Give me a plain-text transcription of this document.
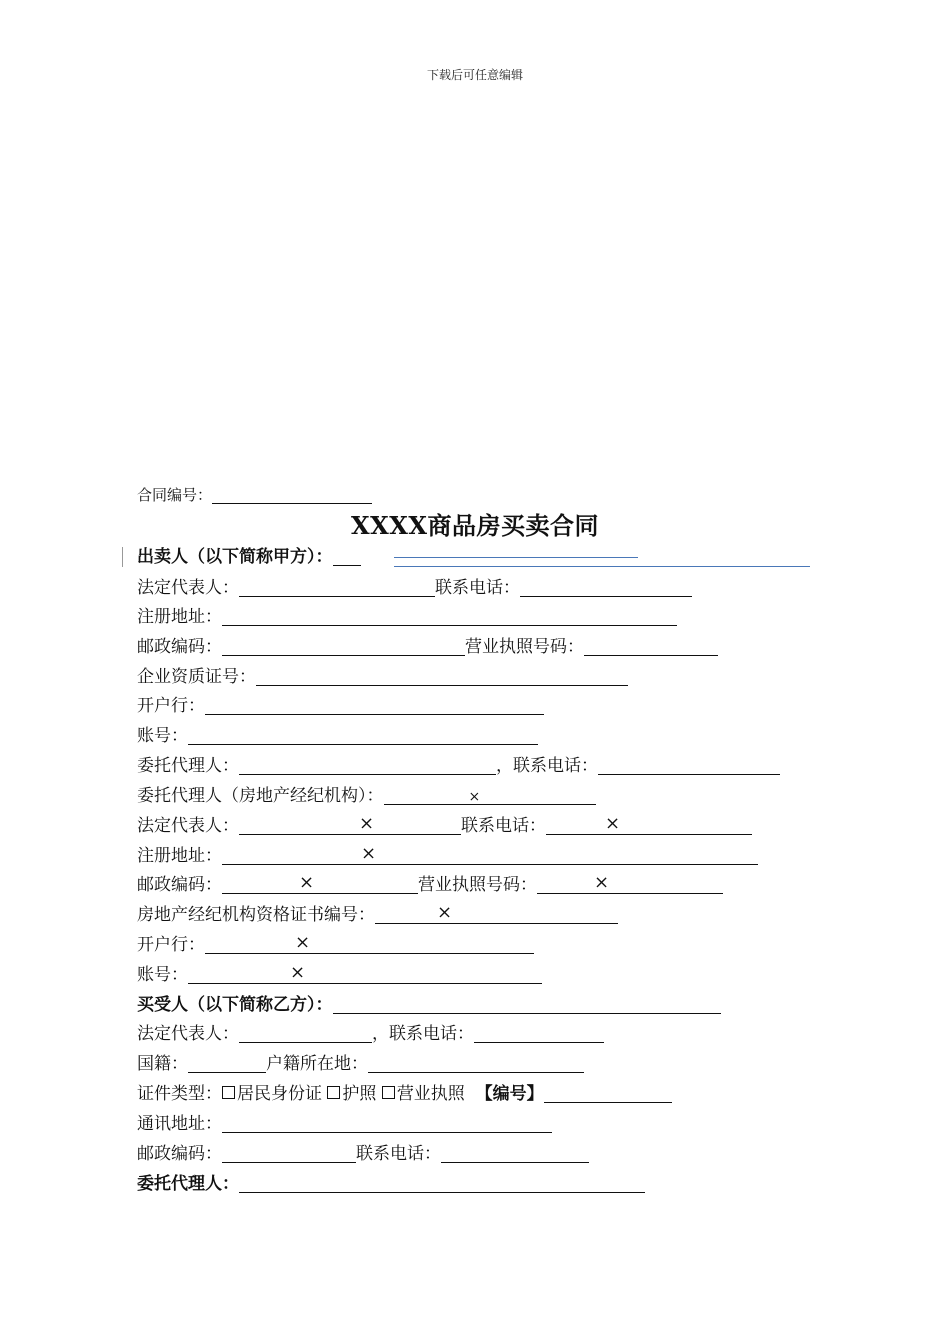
下载后可任意编辑
合同编号：
XXXX商品房买卖合同
出卖人（以下简称甲方）：
法定代表人：	联系电话：
注册地址：
邮政编码：	营业执照号码：
企业资质证号：
开户行：
账号：
委托代理人：	，联系电话：
委托代理人（房地产经纪机构）：	×
法定代表人：	×	联系电话：	×
注册地址：	×
邮政编码：	×	营业执照号码：	×
房地产经纪机构资格证书编号：	×
开户行：	×
账号：	×
买受人（以下简称乙方）：
法定代表人：	，联系电话：
国籍：	户籍所在地：
证件类型： 居民身份证 护照 营业执照 【编号】
通讯地址：
邮政编码：	联系电话：
委托代理人：
